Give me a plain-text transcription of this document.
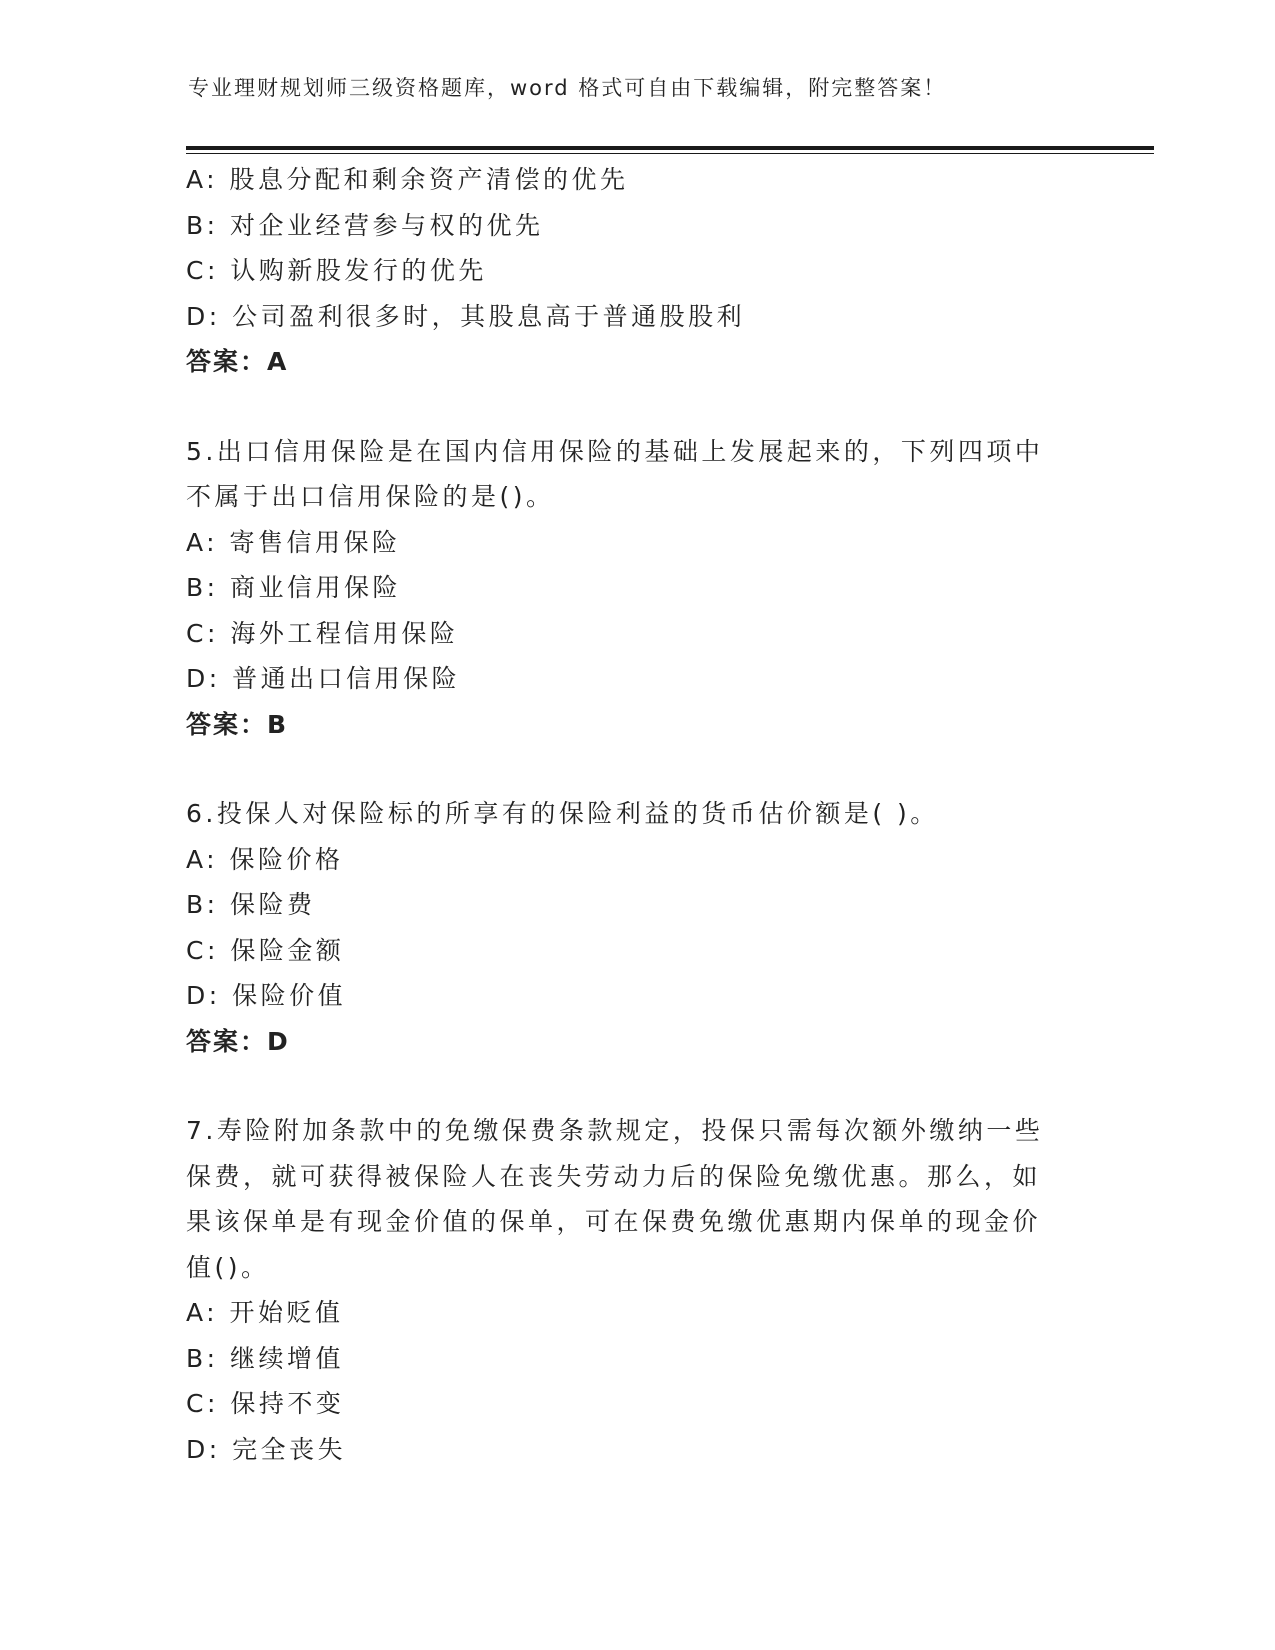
专业理财规划师三级资格题库，word 格式可自由下载编辑，附完整答案！
A: 股息分配和剩余资产清偿的优先
B: 对企业经营参与权的优先
C: 认购新股发行的优先
D: 公司盈利很多时，其股息高于普通股股利
答案：A
5.出口信用保险是在国内信用保险的基础上发展起来的，下列四项中
不属于出口信用保险的是()。
A: 寄售信用保险
B: 商业信用保险
C: 海外工程信用保险
D: 普通出口信用保险
答案：B
6.投保人对保险标的所享有的保险利益的货币估价额是( )。
A: 保险价格
B: 保险费
C: 保险金额
D: 保险价值
答案：D
7.寿险附加条款中的免缴保费条款规定，投保只需每次额外缴纳一些
保费，就可获得被保险人在丧失劳动力后的保险免缴优惠。那么，如
果该保单是有现金价值的保单，可在保费免缴优惠期内保单的现金价
值()。
A: 开始贬值
B: 继续增值
C: 保持不变
D: 完全丧失
